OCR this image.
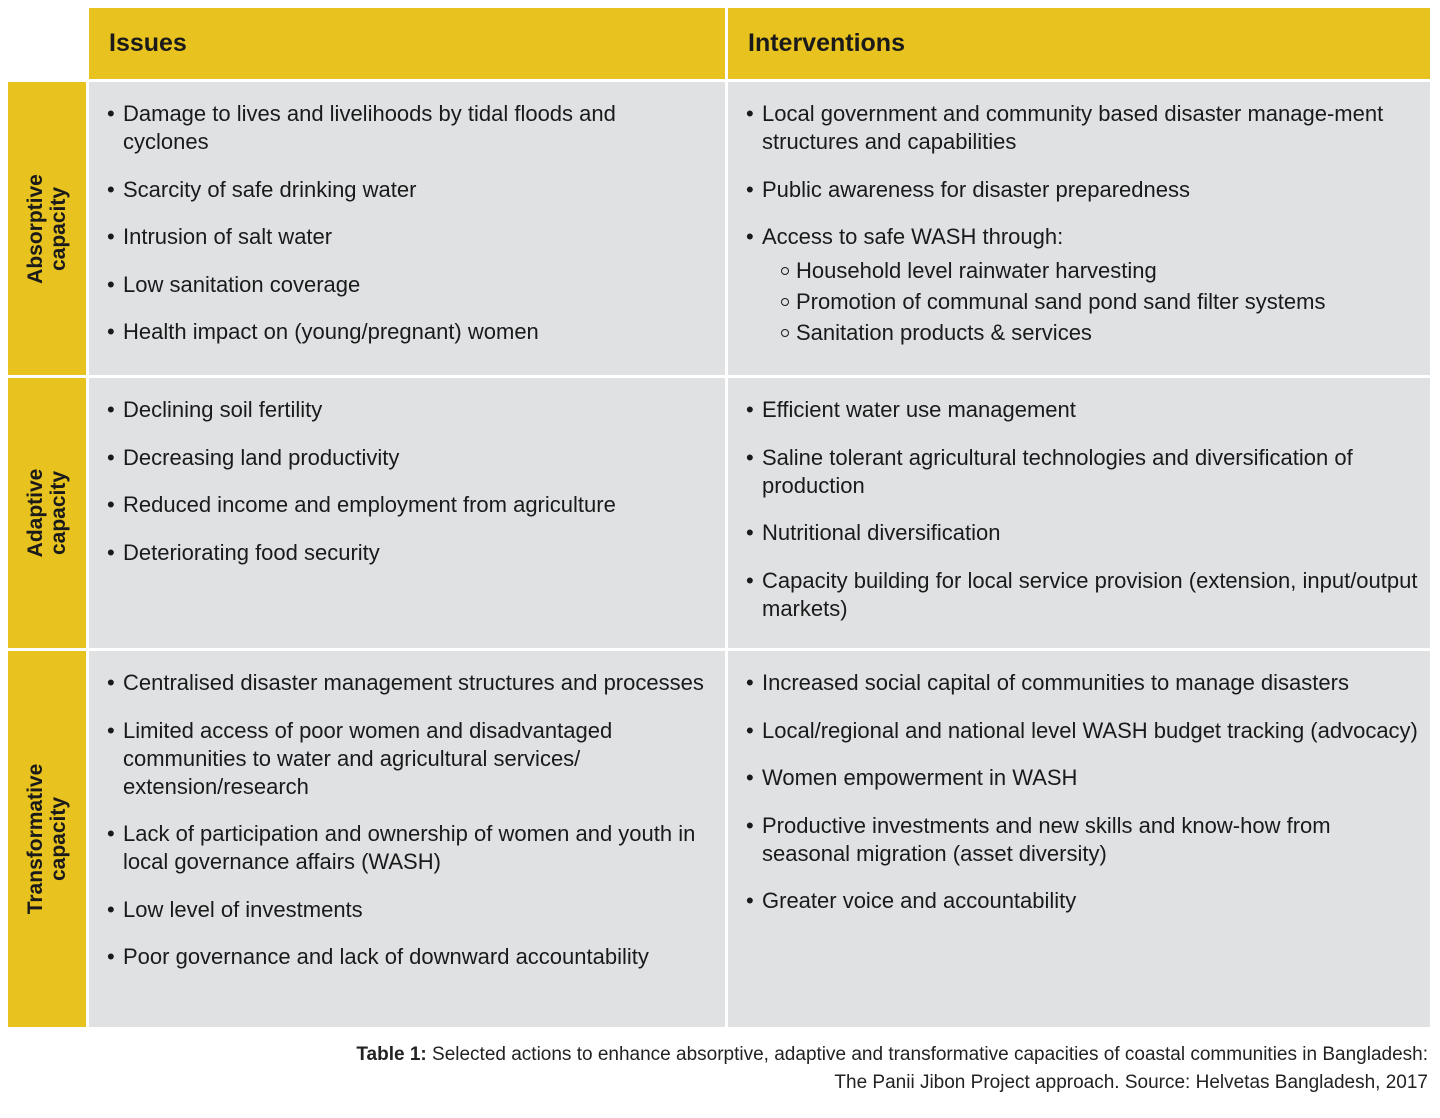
Issues	Interventions
Absorptive capacity
• Damage to lives and livelihoods by tidal floods and cyclones
• Scarcity of safe drinking water
• Intrusion of salt water
• Low sanitation coverage
• Health impact on (young/pregnant) women
• Local government and community based disaster manage-ment structures and capabilities
• Public awareness for disaster preparedness
• Access to safe WASH through:
Household level rainwater harvesting
Promotion of communal sand pond sand filter systems
Sanitation products & services
Adaptive capacity
• Declining soil fertility
• Decreasing land productivity
• Reduced income and employment from agriculture
• Deteriorating food security
• Efficient water use management
• Saline tolerant agricultural technologies and diversification of production
• Nutritional diversification
• Capacity building for local service provision (extension, input/output markets)
Transformative capacity
• Centralised disaster management structures and processes
• Limited access of poor women and disadvantaged communities to water and agricultural services/ extension/research
• Lack of participation and ownership of women and youth in local governance affairs (WASH)
• Low level of investments
• Poor governance and lack of downward accountability
• Increased social capital of communities to manage disasters
• Local/regional and national level WASH budget tracking (advocacy)
• Women empowerment in WASH
• Productive investments and new skills and know-how from seasonal migration (asset diversity)
• Greater voice and accountability
Table 1: Selected actions to enhance absorptive, adaptive and transformative capacities of coastal communities in Bangladesh:
The Panii Jibon Project approach. Source: Helvetas Bangladesh, 2017
